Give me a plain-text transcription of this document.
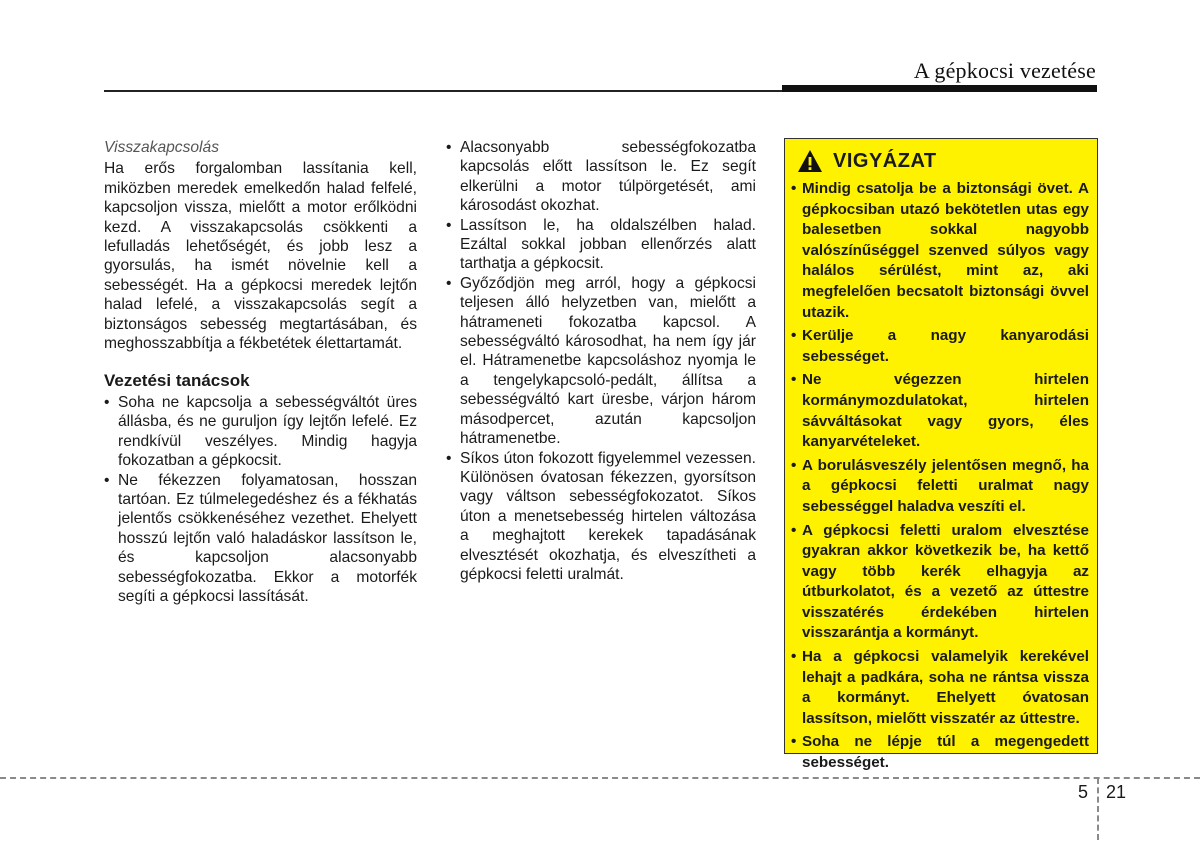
A gépkocsi vezetése

Visszakapcsolás

Ha erős forgalomban lassítania kell, miközben meredek emelkedőn halad felfelé, kapcsoljon vissza, mielőtt a motor erőlködni kezd. A visszakapcsolás csökkenti a lefulladás lehetőségét, és jobb lesz a gyorsulás, ha ismét növelnie kell a sebességét. Ha a gépkocsi meredek lejtőn halad lefelé, a visszakapcsolás segít a biztonságos sebesség megtartásában, és meghosszabbítja a fékbetétek élettartamát.

Vezetési tanácsok
• Soha ne kapcsolja a sebességváltót üres állásba, és ne guruljon így lejtőn lefelé. Ez rendkívül veszélyes. Mindig hagyja fokozatban a gépkocsit.
• Ne fékezzen folyamatosan, hosszan tartóan. Ez túlmelegedéshez és a fékhatás jelentős csökkenéséhez vezethet. Ehelyett hosszú lejtőn való haladáskor lassítson le, és kapcsoljon alacsonyabb sebességfokozatba. Ekkor a motorfék segíti a gépkocsi lassítását.
• Alacsonyabb sebességfokozatba kapcsolás előtt lassítson le. Ez segít elkerülni a motor túlpörgetését, ami károsodást okozhat.
• Lassítson le, ha oldalszélben halad. Ezáltal sokkal jobban ellenőrzés alatt tarthatja a gépkocsit.
• Győződjön meg arról, hogy a gépkocsi teljesen álló helyzetben van, mielőtt a hátrameneti fokozatba kapcsol. A sebességváltó károsodhat, ha nem így jár el. Hátramenetbe kapcsoláshoz nyomja le a tengelykapcsoló-pedált, állítsa a sebességváltó kart üresbe, várjon három másodpercet, azután kapcsoljon hátramenetbe.
• Síkos úton fokozott figyelemmel vezessen. Különösen óvatosan fékezzen, gyorsítson vagy váltson sebességfokozatot. Síkos úton a menetsebesség hirtelen változása a meghajtott kerekek tapadásának elvesztését okozhatja, és elveszítheti a gépkocsi feletti uralmát.
VIGYÁZAT
• Mindig csatolja be a biztonsági övet. A gépkocsiban utazó bekötetlen utas egy balesetben sokkal nagyobb valószínűséggel szenved súlyos vagy halálos sérülést, mint az, aki megfelelően becsatolt biztonsági övvel utazik.
• Kerülje a nagy kanyarodási sebességet.
• Ne végezzen hirtelen kormánymozdulatokat, hirtelen sávváltásokat vagy gyors, éles kanyarvételeket.
• A borulásveszély jelentősen megnő, ha a gépkocsi feletti uralmat nagy sebességgel haladva veszíti el.
• A gépkocsi feletti uralom elvesztése gyakran akkor következik be, ha kettő vagy több kerék elhagyja az útburkolatot, és a vezető az úttestre visszatérés érdekében hirtelen visszarántja a kormányt.
• Ha a gépkocsi valamelyik kerekével lehajt a padkára, soha ne rántsa vissza a kormányt. Ehelyett óvatosan lassítson, mielőtt visszatér az úttestre.
• Soha ne lépje túl a megengedett sebességet.
5 21
